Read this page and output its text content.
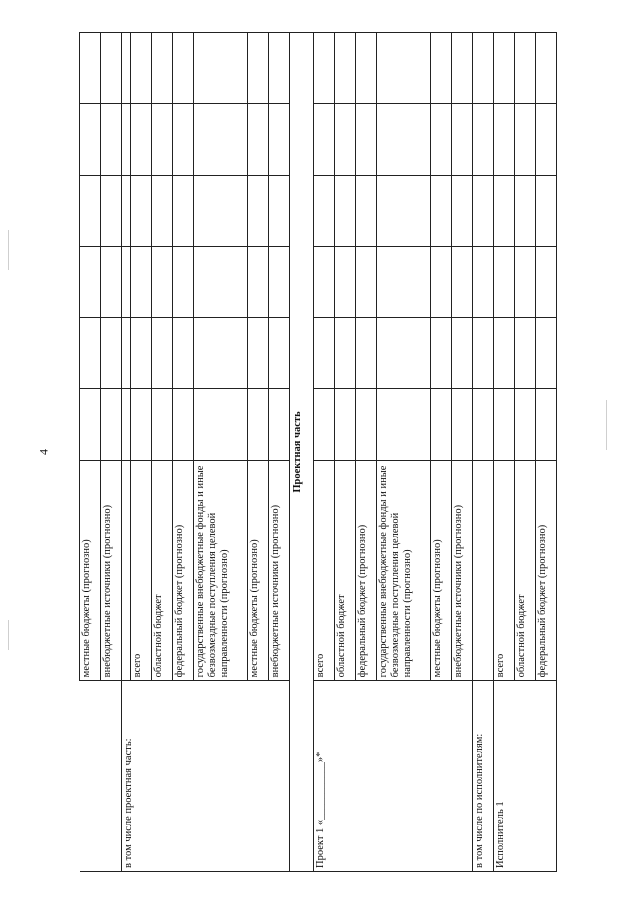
4
	местные бюджеты (прогнозно)						
	внебюджетные источники (прогнозно)						
в том числе проектная часть:							
	всего						
	областной бюджет						
	федеральный бюджет (прогнозно)						
	государственные внебюджетные фонды и иные безвозмездные поступления целевой направленности (прогнозно)						
	местные бюджеты (прогнозно)						
	внебюджетные источники (прогнозно)						
Проектная часть							
Проект 1 «___________»*	всего						
	областной бюджет						
	федеральный бюджет (прогнозно)						
	государственные внебюджетные фонды и иные безвозмездные поступления целевой направленности (прогнозно)						
	местные бюджеты (прогнозно)						
	внебюджетные источники (прогнозно)						
в том числе по исполнителям:							
Исполнитель 1	всего						
	областной бюджет						
	федеральный бюджет (прогнозно)						
